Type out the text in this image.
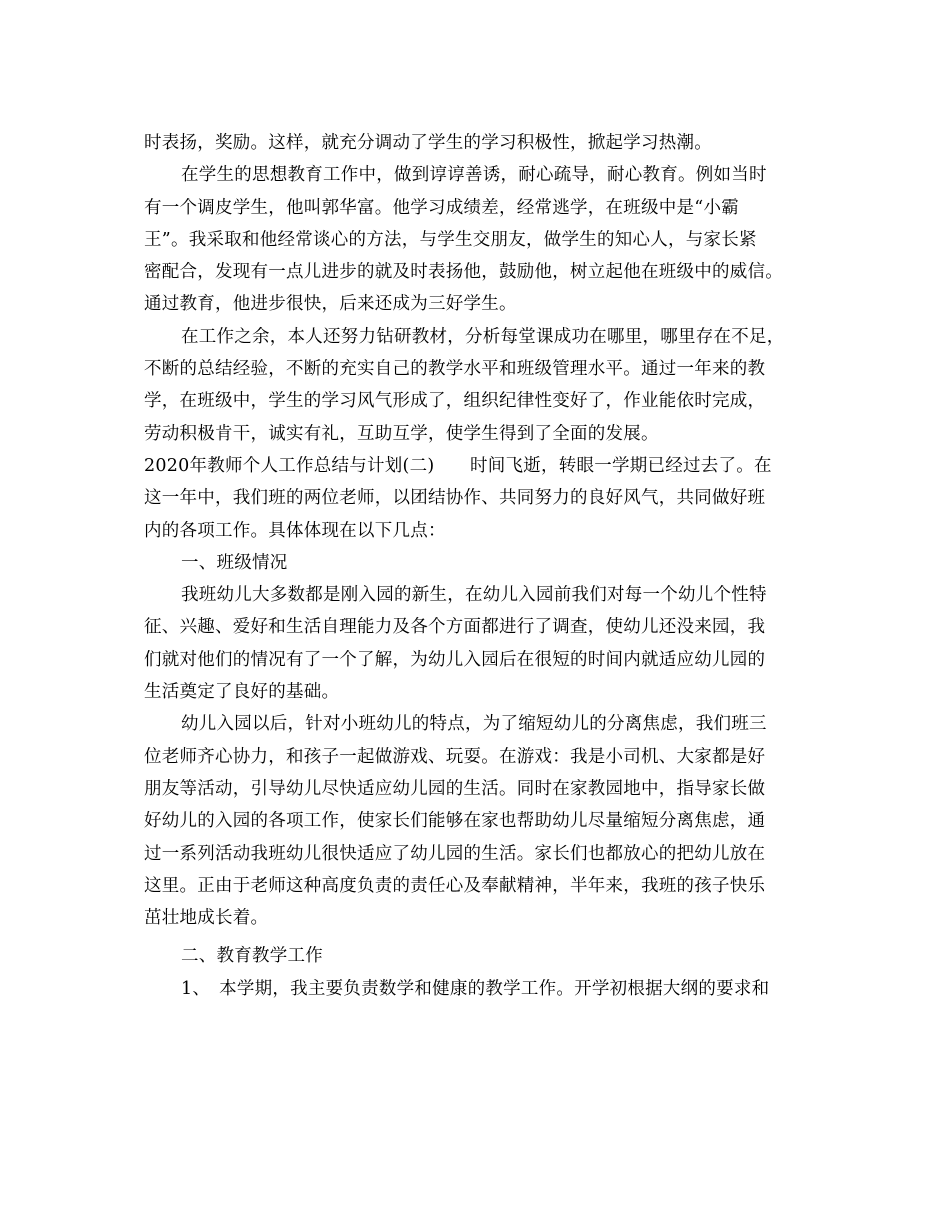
时表扬，奖励。这样，就充分调动了学生的学习积极性，掀起学习热潮。
在学生的思想教育工作中，做到谆谆善诱，耐心疏导，耐心教育。例如当时
有一个调皮学生，他叫郭华富。他学习成绩差，经常逃学，在班级中是“小霸
王”。我采取和他经常谈心的方法，与学生交朋友，做学生的知心人，与家长紧
密配合，发现有一点儿进步的就及时表扬他，鼓励他，树立起他在班级中的威信。
通过教育，他进步很快，后来还成为三好学生。
在工作之余，本人还努力钻研教材，分析每堂课成功在哪里，哪里存在不足，
不断的总结经验，不断的充实自己的教学水平和班级管理水平。通过一年来的教
学，在班级中，学生的学习风气形成了，组织纪律性变好了，作业能依时完成，
劳动积极肯干，诚实有礼，互助互学，使学生得到了全面的发展。
2020年教师个人工作总结与计划(二)　　时间飞逝，转眼一学期已经过去了。在
这一年中，我们班的两位老师，以团结协作、共同努力的良好风气，共同做好班
内的各项工作。具体体现在以下几点：
一、班级情况
我班幼儿大多数都是刚入园的新生，在幼儿入园前我们对每一个幼儿个性特
征、兴趣、爱好和生活自理能力及各个方面都进行了调查，使幼儿还没来园，我
们就对他们的情况有了一个了解，为幼儿入园后在很短的时间内就适应幼儿园的
生活奠定了良好的基础。
幼儿入园以后，针对小班幼儿的特点，为了缩短幼儿的分离焦虑，我们班三
位老师齐心协力，和孩子一起做游戏、玩耍。在游戏：我是小司机、大家都是好
朋友等活动，引导幼儿尽快适应幼儿园的生活。同时在家教园地中，指导家长做
好幼儿的入园的各项工作，使家长们能够在家也帮助幼儿尽量缩短分离焦虑，通
过一系列活动我班幼儿很快适应了幼儿园的生活。家长们也都放心的把幼儿放在
这里。正由于老师这种高度负责的责任心及奉献精神，半年来，我班的孩子快乐
茁壮地成长着。
二、教育教学工作
1、　本学期，我主要负责数学和健康的教学工作。开学初根据大纲的要求和
